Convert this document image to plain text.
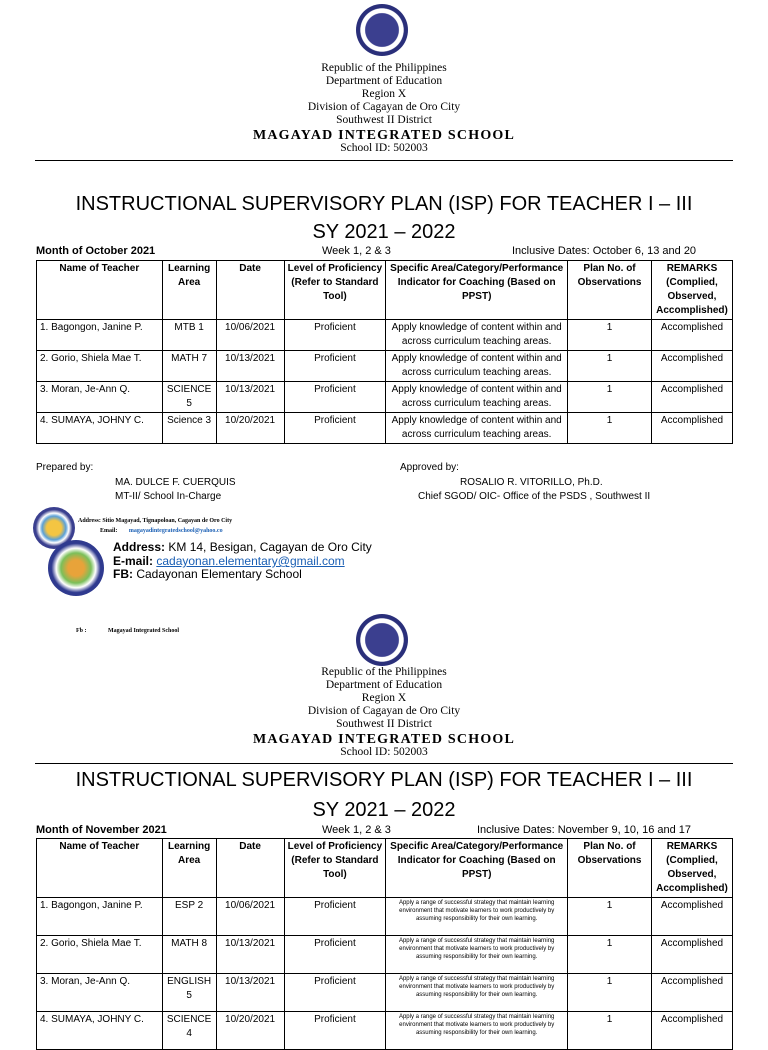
Republic of the Philippines
Department of Education
Region X
Division of Cagayan de Oro City
Southwest II District
MAGAYAD INTEGRATED SCHOOL
School ID: 502003
INSTRUCTIONAL SUPERVISORY PLAN (ISP) FOR TEACHER I – III
SY 2021 – 2022
Month of October 2021	Week 1, 2 & 3	Inclusive Dates: October 6, 13 and 20
Name of Teacher	Learning Area	Date	Level of Proficiency (Refer to Standard Tool)	Specific Area/Category/Performance Indicator for Coaching (Based on PPST)	Plan No. of Observations	REMARKS (Complied, Observed, Accomplished)
1. Bagongon, Janine P.	MTB 1	10/06/2021	Proficient	Apply knowledge of content within and across curriculum teaching areas.	1	Accomplished
2. Gorio, Shiela Mae T.	MATH 7	10/13/2021	Proficient	Apply knowledge of content within and across curriculum teaching areas.	1	Accomplished
3. Moran, Je-Ann Q.	SCIENCE 5	10/13/2021	Proficient	Apply knowledge of content within and across curriculum teaching areas.	1	Accomplished
4. SUMAYA, JOHNY C.	Science 3	10/20/2021	Proficient	Apply knowledge of content within and across curriculum teaching areas.	1	Accomplished
Prepared by:
MA. DULCE F. CUERQUIS
MT-II/ School In-Charge
Approved by:
ROSALIO R. VITORILLO, Ph.D.
Chief SGOD/ OIC- Office of the PSDS , Southwest II
Address: Sitio Magayad, Tignapoloan, Cagayan de Oro City
Email: magayadintegratedschool@yahoo.co
Address: KM 14, Besigan, Cagayan de Oro City
E-mail: cadayonan.elementary@gmail.com
FB: Cadayonan Elementary School
Fb :	Magayad Integrated School
Republic of the Philippines
Department of Education
Region X
Division of Cagayan de Oro City
Southwest II District
MAGAYAD INTEGRATED SCHOOL
School ID: 502003
INSTRUCTIONAL SUPERVISORY PLAN (ISP) FOR TEACHER I – III
SY 2021 – 2022
Month of November 2021	Week 1, 2 & 3	Inclusive Dates: November 9, 10, 16 and 17
Name of Teacher	Learning Area	Date	Level of Proficiency (Refer to Standard Tool)	Specific Area/Category/Performance Indicator for Coaching (Based on PPST)	Plan No. of Observations	REMARKS (Complied, Observed, Accomplished)
1. Bagongon, Janine P.	ESP 2	10/06/2021	Proficient	Apply a range of successful strategy that maintain learning environment that motivate learners to work productively by assuming responsibility for their own learning.	1	Accomplished
2. Gorio, Shiela Mae T.	MATH 8	10/13/2021	Proficient	Apply a range of successful strategy that maintain learning environment that motivate learners to work productively by assuming responsibility for their own learning.	1	Accomplished
3. Moran, Je-Ann Q.	ENGLISH 5	10/13/2021	Proficient	Apply a range of successful strategy that maintain learning environment that motivate learners to work productively by assuming responsibility for their own learning.	1	Accomplished
4. SUMAYA, JOHNY C.	SCIENCE 4	10/20/2021	Proficient	Apply a range of successful strategy that maintain learning environment that motivate learners to work productively by assuming responsibility for their own learning.	1	Accomplished
